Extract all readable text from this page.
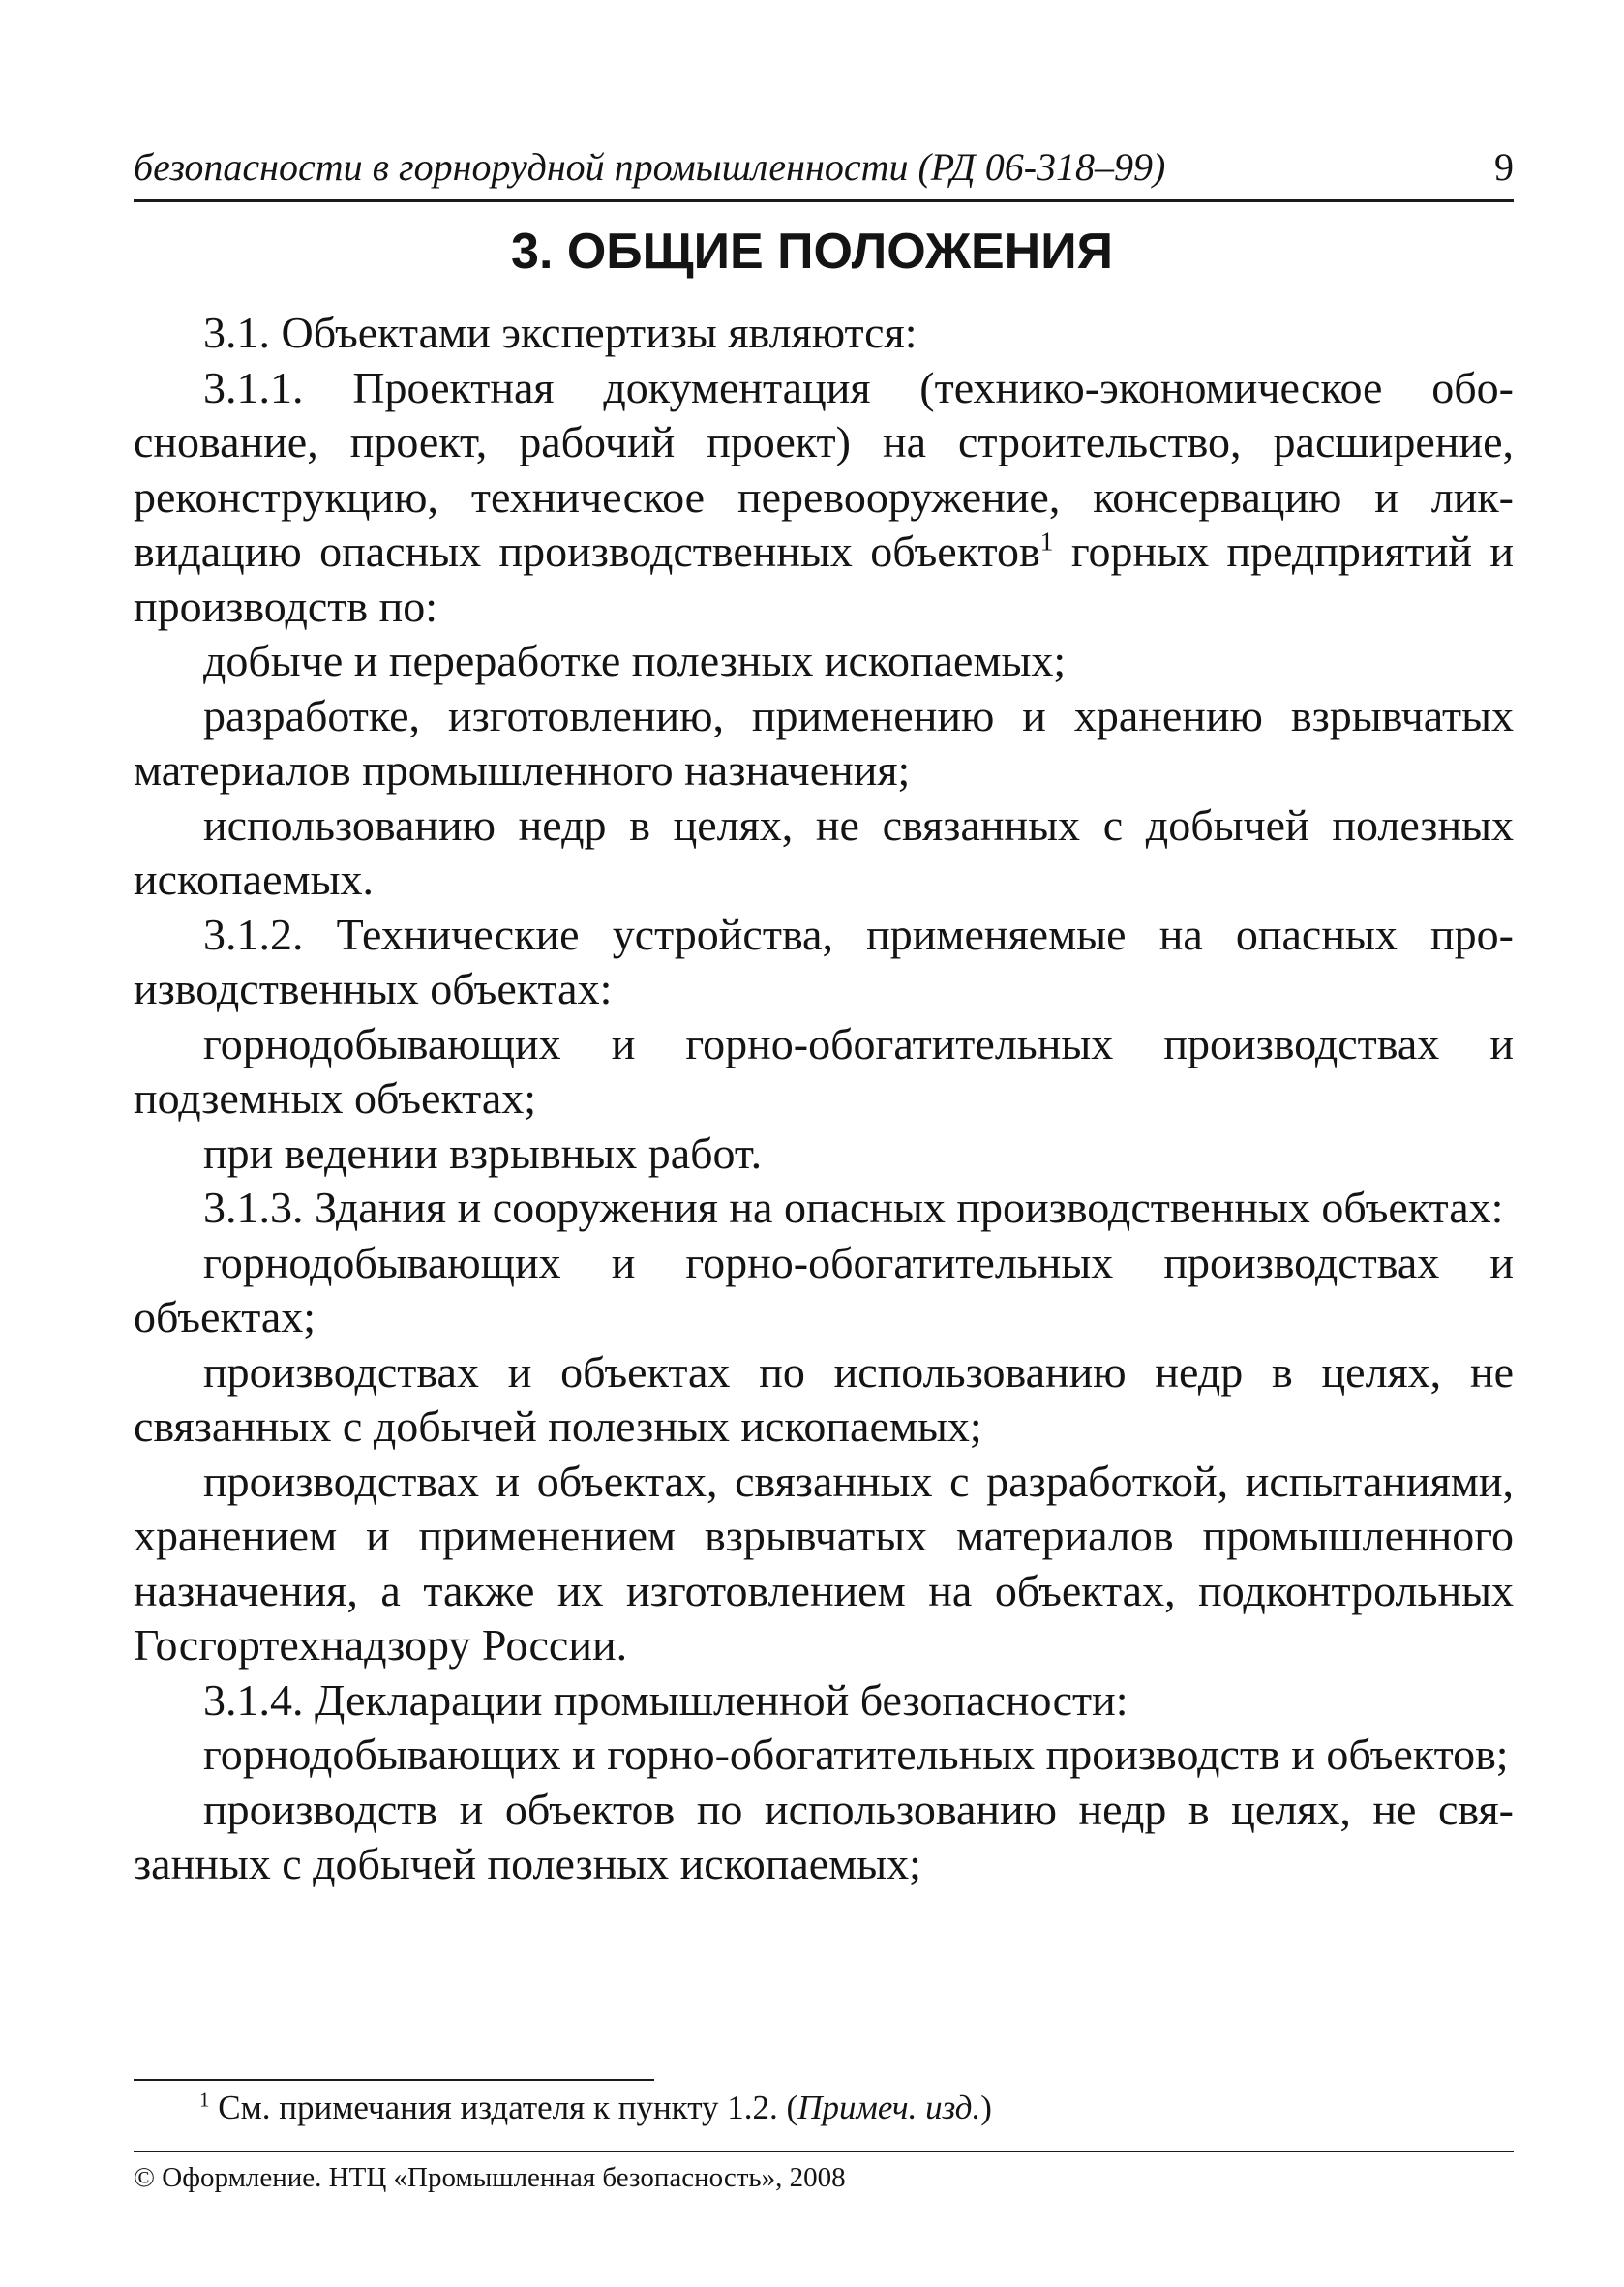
безопасности в горнорудной промышленности (РД 06-318–99)	9
3. ОБЩИЕ ПОЛОЖЕНИЯ

3.1. Объектами экспертизы являются:

3.1.1. Проектная документация (технико-экономическое обоснование, проект, рабочий проект) на строительство, расширение, реконструкцию, техническое перевооружение, консервацию и ликвидацию опасных производственных объектов$^1$ горных предприятий и производств по:

добыче и переработке полезных ископаемых;

разработке, изготовлению, применению и хранению взрывчатых материалов промышленного назначения;

использованию недр в целях, не связанных с добычей полезных ископаемых.

3.1.2. Технические устройства, применяемые на опасных производственных объектах:

горнодобывающих и горно-обогатительных производствах и подземных объектах;

при ведении взрывных работ.

3.1.3. Здания и сооружения на опасных производственных объектах:

горнодобывающих и горно-обогатительных производствах и объектах;

производствах и объектах по использованию недр в целях, не связанных с добычей полезных ископаемых;

производствах и объектах, связанных с разработкой, испытаниями, хранением и применением взрывчатых материалов промышленного назначения, а также их изготовлением на объектах, подконтрольных Госгортехнадзору России.

3.1.4. Декларации промышленной безопасности:

горнодобывающих и горно-обогатительных производств и объектов;

производств и объектов по использованию недр в целях, не связанных с добычей полезных ископаемых;

$^1$ См. примечания издателя к пункту 1.2. (Примеч. изд.)
© Оформление. НТЦ «Промышленная безопасность», 2008
